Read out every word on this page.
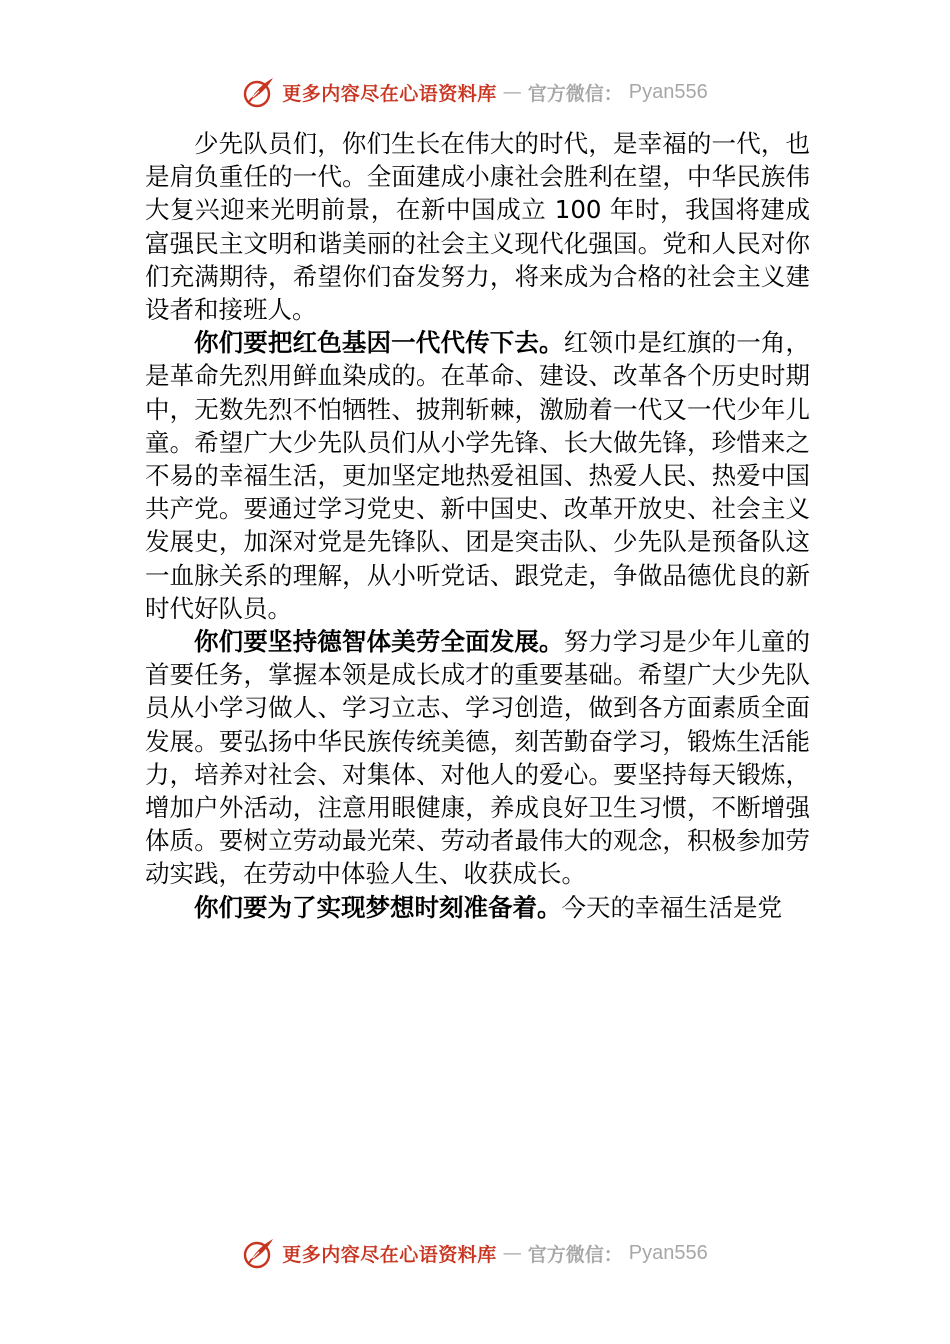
更多内容尽在心语资料库 — 官方微信： Pyan556

少先队员们，你们生长在伟大的时代，是幸福的一代，也是肩负重任的一代。全面建成小康社会胜利在望，中华民族伟大复兴迎来光明前景，在新中国成立 100 年时，我国将建成富强民主文明和谐美丽的社会主义现代化强国。党和人民对你们充满期待，希望你们奋发努力，将来成为合格的社会主义建设者和接班人。

你们要把红色基因一代代传下去。红领巾是红旗的一角，是革命先烈用鲜血染成的。在革命、建设、改革各个历史时期中，无数先烈不怕牺牲、披荆斩棘，激励着一代又一代少年儿童。希望广大少先队员们从小学先锋、长大做先锋，珍惜来之不易的幸福生活，更加坚定地热爱祖国、热爱人民、热爱中国共产党。要通过学习党史、新中国史、改革开放史、社会主义发展史，加深对党是先锋队、团是突击队、少先队是预备队这一血脉关系的理解，从小听党话、跟党走，争做品德优良的新时代好队员。

你们要坚持德智体美劳全面发展。努力学习是少年儿童的首要任务，掌握本领是成长成才的重要基础。希望广大少先队员从小学习做人、学习立志、学习创造，做到各方面素质全面发展。要弘扬中华民族传统美德，刻苦勤奋学习，锻炼生活能力，培养对社会、对集体、对他人的爱心。要坚持每天锻炼，增加户外活动，注意用眼健康，养成良好卫生习惯，不断增强体质。要树立劳动最光荣、劳动者最伟大的观念，积极参加劳动实践，在劳动中体验人生、收获成长。

你们要为了实现梦想时刻准备着。今天的幸福生活是党

更多内容尽在心语资料库 — 官方微信： Pyan556
